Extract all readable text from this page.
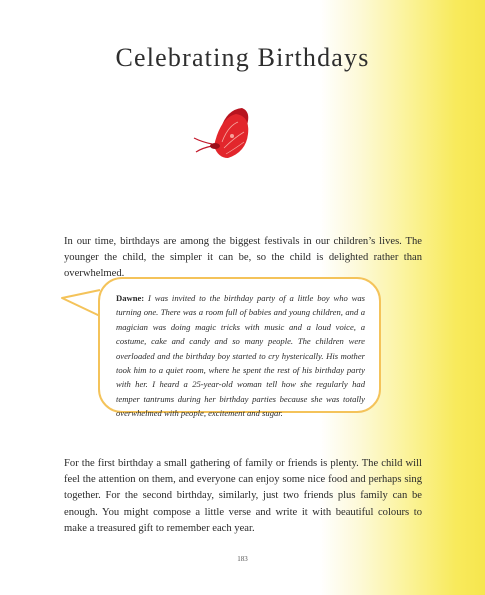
Celebrating Birthdays

In our time, birthdays are among the biggest festivals in our children’s lives. The younger the child, the simpler it can be, so the child is delighted rather than overwhelmed.

Dawne: I was invited to the birthday party of a little boy who was turning one. There was a room full of babies and young children, and a magician was doing magic tricks with music and a loud voice, a costume, cake and candy and so many people. The children were overloaded and the birthday boy started to cry hysterically. His mother took him to a quiet room, where he spent the rest of his birthday party with her. I heard a 25-year-old woman tell how she regularly had temper tantrums during her birthday parties because she was totally overwhelmed with people, excitement and sugar.

For the first birthday a small gathering of family or friends is plenty. The child will feel the attention on them, and everyone can enjoy some nice food and perhaps sing together. For the second birthday, similarly, just two friends plus family can be enough. You might compose a little verse and write it with beautiful colours to make a treasured gift to remember each year.

183
